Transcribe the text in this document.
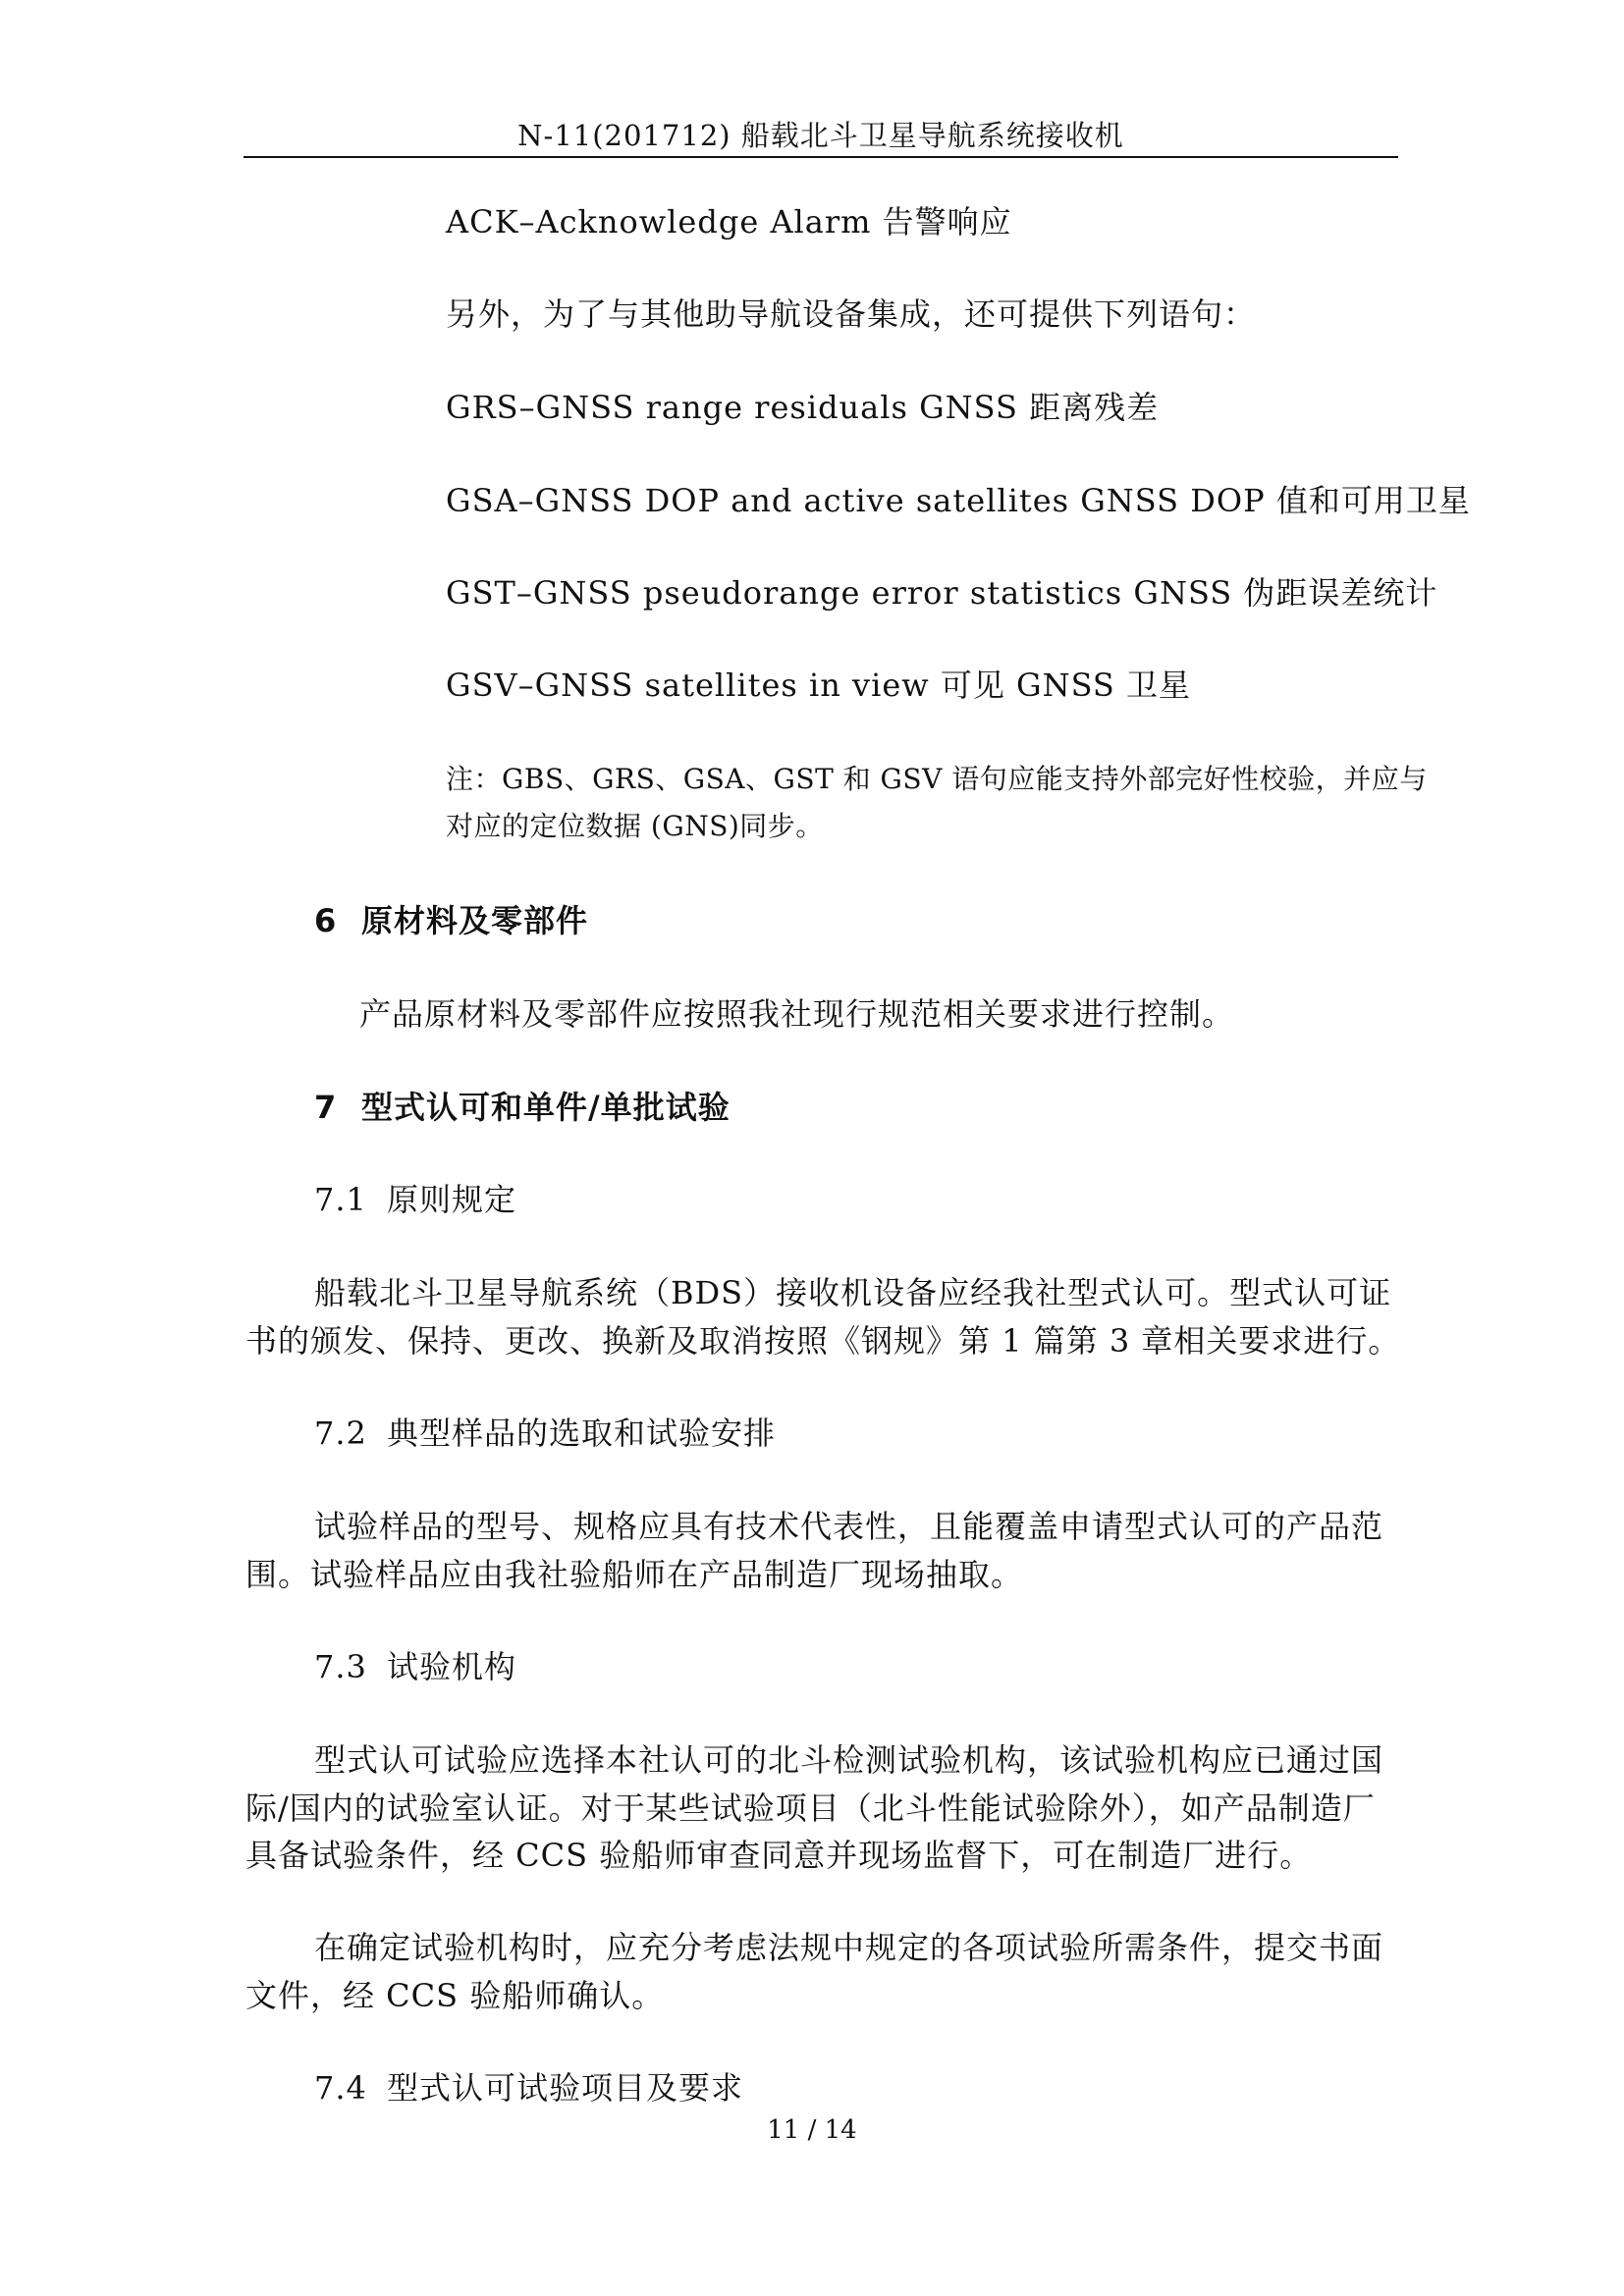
N-11(201712) 船载北斗卫星导航系统接收机
ACK–Acknowledge Alarm 告警响应
另外，为了与其他助导航设备集成，还可提供下列语句：
GRS–GNSS range residuals GNSS 距离残差
GSA–GNSS DOP and active satellites GNSS DOP 值和可用卫星
GST–GNSS pseudorange error statistics GNSS 伪距误差统计
GSV–GNSS satellites in view 可见 GNSS 卫星
注：GBS、GRS、GSA、GST 和 GSV 语句应能支持外部完好性校验，并应与
对应的定位数据 (GNS)同步。
6 原材料及零部件
产品原材料及零部件应按照我社现行规范相关要求进行控制。
7 型式认可和单件/单批试验
7.1 原则规定
船载北斗卫星导航系统（BDS）接收机设备应经我社型式认可。型式认可证
书的颁发、保持、更改、换新及取消按照《钢规》第 1 篇第 3 章相关要求进行。
7.2 典型样品的选取和试验安排
试验样品的型号、规格应具有技术代表性，且能覆盖申请型式认可的产品范
围。试验样品应由我社验船师在产品制造厂现场抽取。
7.3 试验机构
型式认可试验应选择本社认可的北斗检测试验机构，该试验机构应已通过国
际/国内的试验室认证。对于某些试验项目（北斗性能试验除外），如产品制造厂
具备试验条件，经 CCS 验船师审查同意并现场监督下，可在制造厂进行。
在确定试验机构时，应充分考虑法规中规定的各项试验所需条件，提交书面
文件，经 CCS 验船师确认。
7.4 型式认可试验项目及要求
11 / 14
